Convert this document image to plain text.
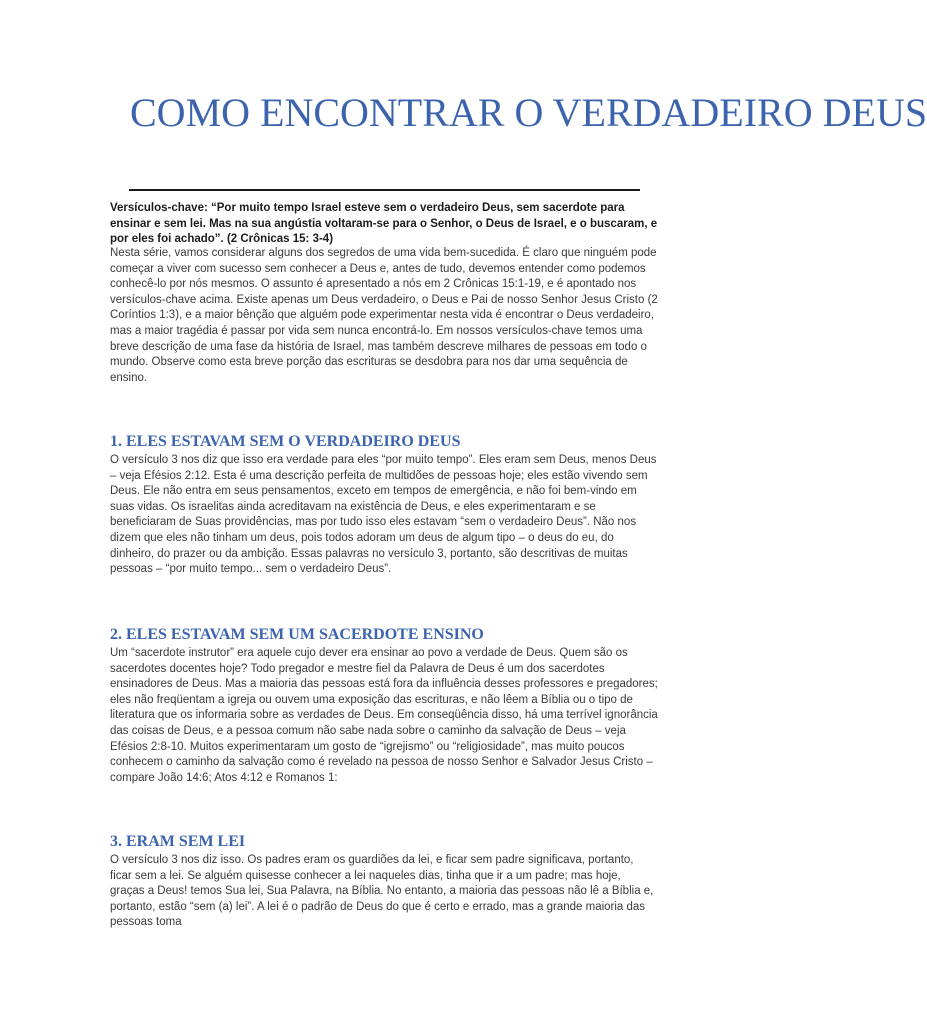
COMO ENCONTRAR O VERDADEIRO DEUS

Versículos-chave: “Por muito tempo Israel esteve sem o verdadeiro Deus, sem sacerdote para ensinar e sem lei. Mas na sua angústia voltaram-se para o Senhor, o Deus de Israel, e o buscaram, e por eles foi achado”. (2 Crônicas 15: 3-4)

Nesta série, vamos considerar alguns dos segredos de uma vida bem-sucedida. É claro que ninguém pode começar a viver com sucesso sem conhecer a Deus e, antes de tudo, devemos entender como podemos conhecê-lo por nós mesmos. O assunto é apresentado a nós em 2 Crônicas 15:1-19, e é apontado nos versículos-chave acima. Existe apenas um Deus verdadeiro, o Deus e Pai de nosso Senhor Jesus Cristo (2 Coríntios 1:3), e a maior bênção que alguém pode experimentar nesta vida é encontrar o Deus verdadeiro, mas a maior tragédia é passar por vida sem nunca encontrá-lo. Em nossos versículos-chave temos uma breve descrição de uma fase da história de Israel, mas também descreve milhares de pessoas em todo o mundo. Observe como esta breve porção das escrituras se desdobra para nos dar uma sequência de ensino.

1. ELES ESTAVAM SEM O VERDADEIRO DEUS

O versículo 3 nos diz que isso era verdade para eles “por muito tempo”. Eles eram sem Deus, menos Deus – veja Efésios 2:12. Esta é uma descrição perfeita de multidões de pessoas hoje; eles estão vivendo sem Deus. Ele não entra em seus pensamentos, exceto em tempos de emergência, e não foi bem-vindo em suas vidas. Os israelitas ainda acreditavam na existência de Deus, e eles experimentaram e se beneficiaram de Suas providências, mas por tudo isso eles estavam “sem o verdadeiro Deus”. Não nos dizem que eles não tinham um deus, pois todos adoram um deus de algum tipo – o deus do eu, do dinheiro, do prazer ou da ambição. Essas palavras no versículo 3, portanto, são descritivas de muitas pessoas – “por muito tempo... sem o verdadeiro Deus”.

2. ELES ESTAVAM SEM UM SACERDOTE ENSINO

Um “sacerdote instrutor” era aquele cujo dever era ensinar ao povo a verdade de Deus. Quem são os sacerdotes docentes hoje? Todo pregador e mestre fiel da Palavra de Deus é um dos sacerdotes ensinadores de Deus. Mas a maioria das pessoas está fora da influência desses professores e pregadores; eles não freqüentam a igreja ou ouvem uma exposição das escrituras, e não lêem a Bíblia ou o tipo de literatura que os informaria sobre as verdades de Deus. Em conseqüência disso, há uma terrível ignorância das coisas de Deus, e a pessoa comum não sabe nada sobre o caminho da salvação de Deus – veja Efésios 2:8-10. Muitos experimentaram um gosto de “igrejismo” ou “religiosidade”, mas muito poucos conhecem o caminho da salvação como é revelado na pessoa de nosso Senhor e Salvador Jesus Cristo – compare João 14:6; Atos 4:12 e Romanos 1:

3. ERAM SEM LEI

O versículo 3 nos diz isso. Os padres eram os guardiões da lei, e ficar sem padre significava, portanto, ficar sem a lei. Se alguém quisesse conhecer a lei naqueles dias, tinha que ir a um padre; mas hoje, graças a Deus! temos Sua lei, Sua Palavra, na Bíblia. No entanto, a maioria das pessoas não lê a Bíblia e, portanto, estão “sem (a) lei”. A lei é o padrão de Deus do que é certo e errado, mas a grande maioria das pessoas toma
